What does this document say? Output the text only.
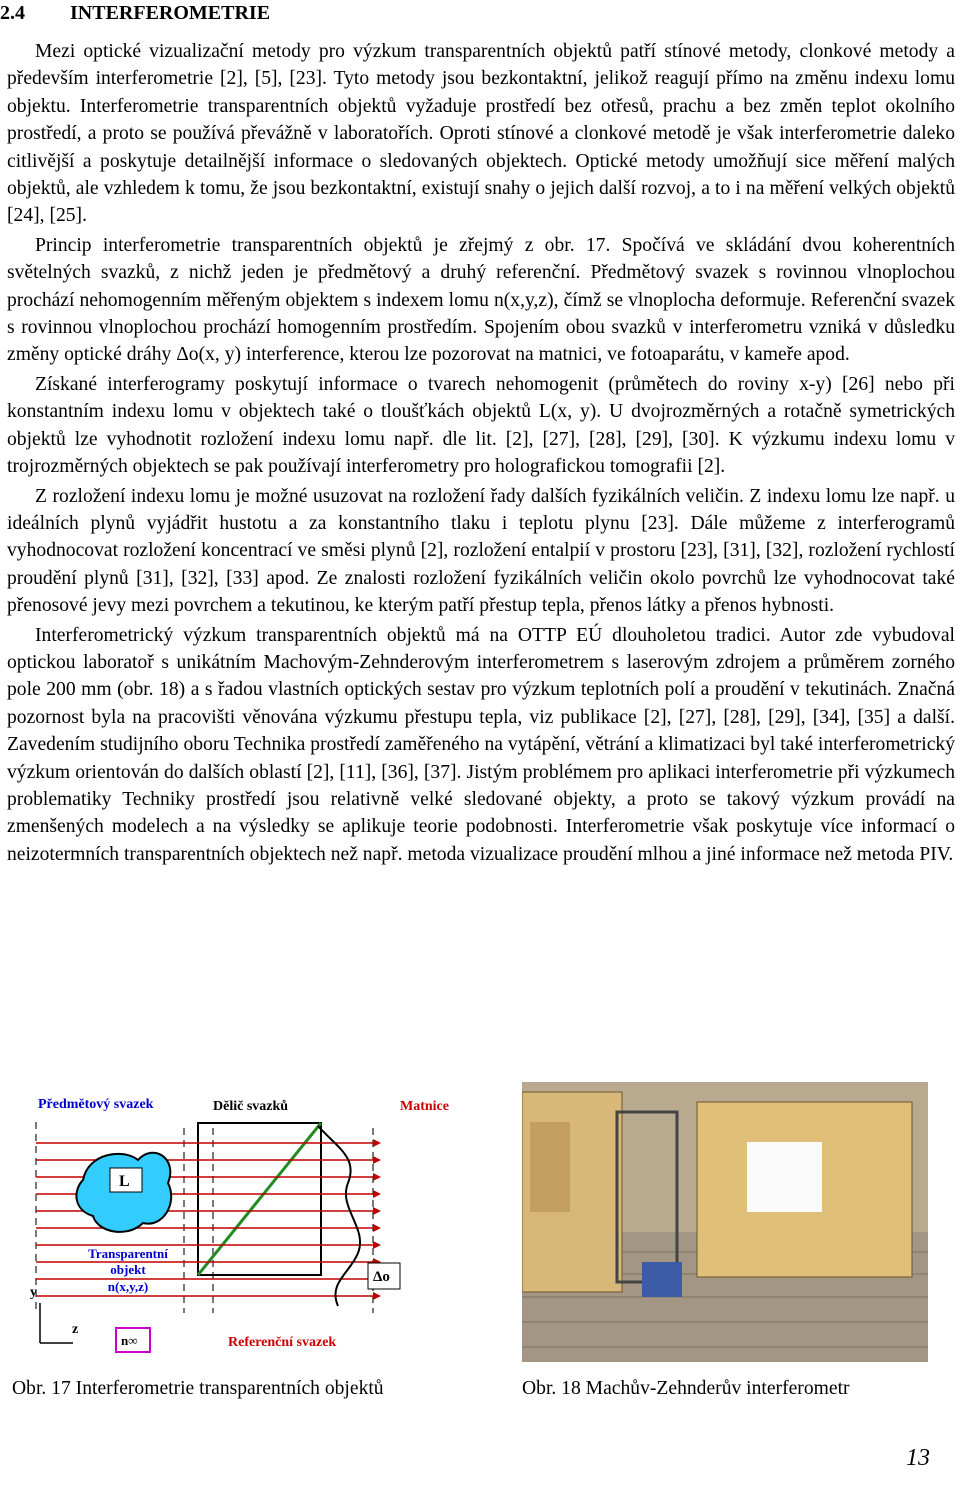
2.4 INTERFEROMETRIE

Mezi optické vizualizační metody pro výzkum transparentních objektů patří stínové metody, clonkové metody a především interferometrie [2], [5], [23]. Tyto metody jsou bezkontaktní, jelikož reagují přímo na změnu indexu lomu objektu. Interferometrie transparentních objektů vyžaduje prostředí bez otřesů, prachu a bez změn teplot okolního prostředí, a proto se používá převážně v laboratořích. Oproti stínové a clonkové metodě je však interferometrie daleko citlivější a poskytuje detailnější informace o sledovaných objektech. Optické metody umožňují sice měření malých objektů, ale vzhledem k tomu, že jsou bezkontaktní, existují snahy o jejich další rozvoj, a to i na měření velkých objektů [24], [25].

Princip interferometrie transparentních objektů je zřejmý z obr. 17. Spočívá ve skládání dvou koherentních světelných svazků, z nichž jeden je předmětový a druhý referenční. Předmětový svazek s rovinnou vlnoplochou prochází nehomogenním měřeným objektem s indexem lomu n(x,y,z), čímž se vlnoplocha deformuje. Referenční svazek s rovinnou vlnoplochou prochází homogenním prostředím. Spojením obou svazků v interferometru vzniká v důsledku změny optické dráhy Δo(x, y) interference, kterou lze pozorovat na matnici, ve fotoaparátu, v kameře apod.

Získané interferogramy poskytují informace o tvarech nehomogenit (průmětech do roviny x-y) [26] nebo při konstantním indexu lomu v objektech také o tloušťkách objektů L(x, y). U dvojrozměrných a rotačně symetrických objektů lze vyhodnotit rozložení indexu lomu např. dle lit. [2], [27], [28], [29], [30]. K výzkumu indexu lomu v trojrozměrných objektech se pak používají interferometry pro holografickou tomografii [2].

Z rozložení indexu lomu je možné usuzovat na rozložení řady dalších fyzikálních veličin. Z indexu lomu lze např. u ideálních plynů vyjádřit hustotu a za konstantního tlaku i teplotu plynu [23]. Dále můžeme z interferogramů vyhodnocovat rozložení koncentrací ve směsi plynů [2], rozložení entalpií v prostoru [23], [31], [32], rozložení rychlostí proudění plynů [31], [32], [33] apod. Ze znalosti rozložení fyzikálních veličin okolo povrchů lze vyhodnocovat také přenosové jevy mezi povrchem a tekutinou, ke kterým patří přestup tepla, přenos látky a přenos hybnosti.

Interferometrický výzkum transparentních objektů má na OTTP EÚ dlouholetou tradici. Autor zde vybudoval optickou laboratoř s unikátním Machovým-Zehnderovým interferometrem s laserovým zdrojem a průměrem zorného pole 200 mm (obr. 18) a s řadou vlastních optických sestav pro výzkum teplotních polí a proudění v tekutinách. Značná pozornost byla na pracovišti věnována výzkumu přestupu tepla, viz publikace [2], [27], [28], [29], [34], [35] a další. Zavedením studijního oboru Technika prostředí zaměřeného na vytápění, větrání a klimatizaci byl také interferometrický výzkum orientován do dalších oblastí [2], [11], [36], [37]. Jistým problémem pro aplikaci interferometrie při výzkumech problematiky Techniky prostředí jsou relativně velké sledované objekty, a proto se takový výzkum provádí na zmenšených modelech a na výsledky se aplikuje teorie podobnosti. Interferometrie však poskytuje více informací o neizotermních transparentních objektech než např. metoda vizualizace proudění mlhou a jiné informace než metoda PIV.

Předmětový svazek	Dělič svazků	Matnice
L
Transparentní
objekt
n(x,y,z)
Δo
y
z
n∞	Referenční svazek
Obr. 17 Interferometrie transparentních objektů	Obr. 18 Machův-Zehnderův interferometr
13
